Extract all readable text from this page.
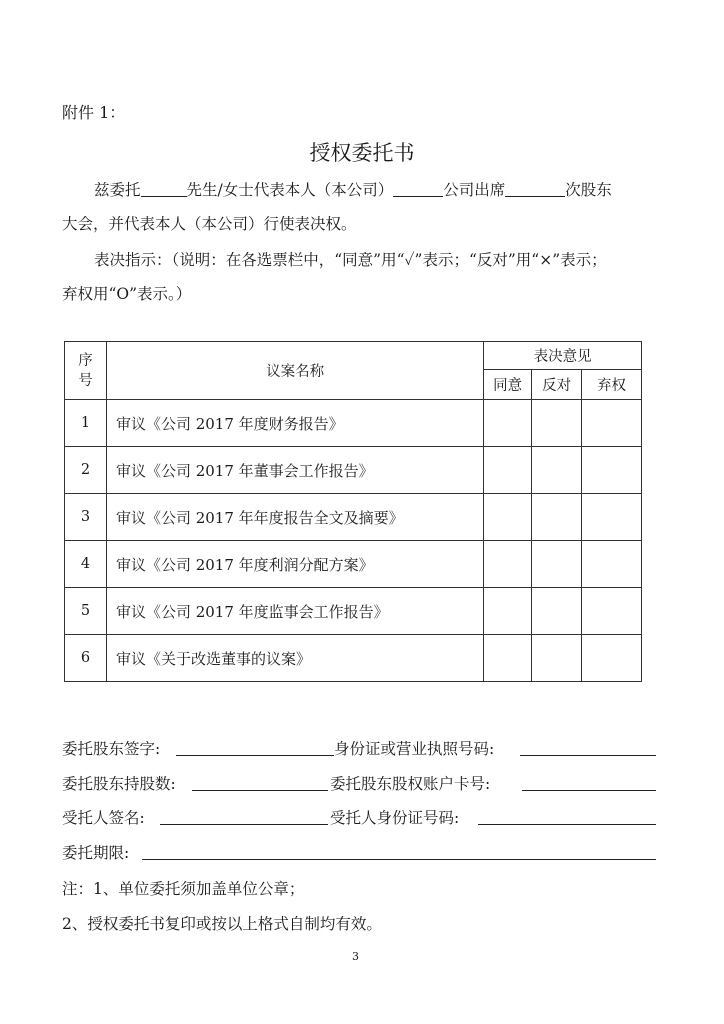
附件 1：
授权委托书
兹委托	先生/女士代表本人（本公司）	公司出席	次股东
大会，并代表本人（本公司）行使表决权。
表决指示：（说明：在各选票栏中，“同意”用“✓”表示；“反对”用“×”表示；
弃权用“O”表示。）
序
号	议案名称	表决意见		
		同意	反对	弃权
1	审议《公司 2017 年度财务报告》			
2	审议《公司 2017 年董事会工作报告》			
3	审议《公司 2017 年年度报告全文及摘要》			
4	审议《公司 2017 年度利润分配方案》			
5	审议《公司 2017 年度监事会工作报告》			
6	审议《关于改选董事的议案》			
委托股东签字:	身份证或营业执照号码:
委托股东持股数:	委托股东股权账户卡号:
受托人签名:	受托人身份证号码:
委托期限:
注：1、单位委托须加盖单位公章；
2、授权委托书复印或按以上格式自制均有效。
3
